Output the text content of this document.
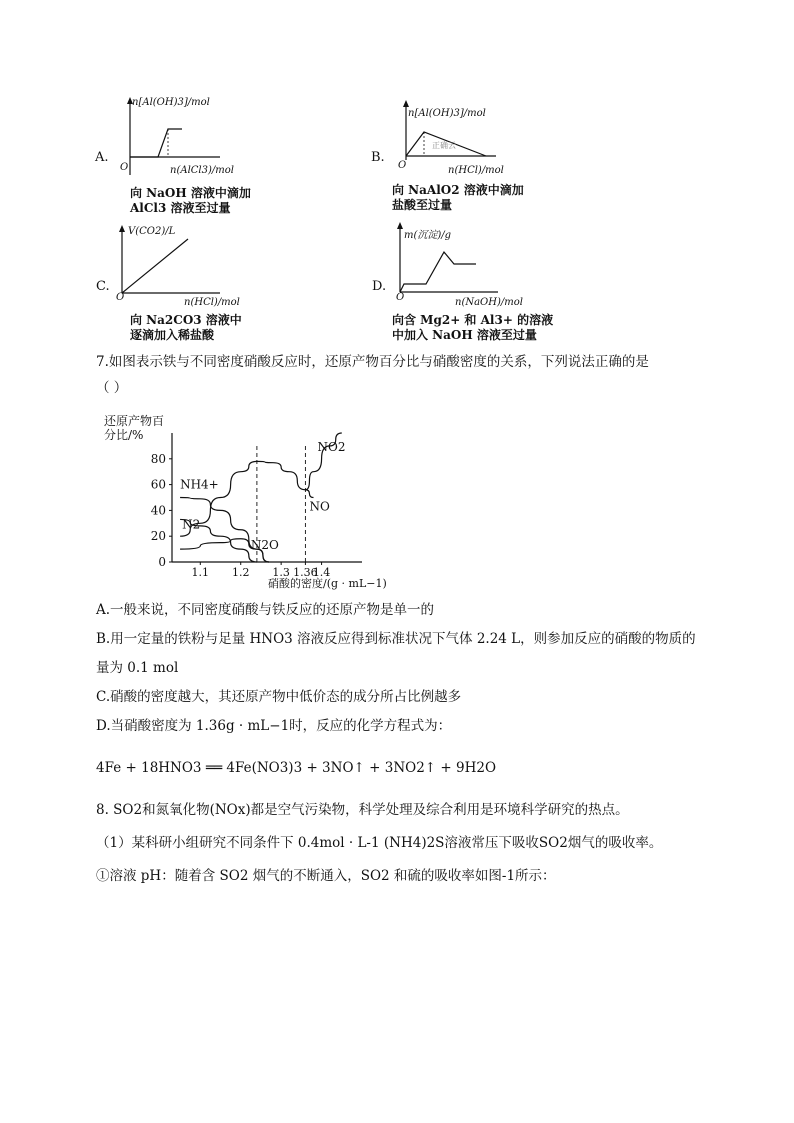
A.
n[Al(OH)3]/mol
n(AlCl3)/mol
O
向 NaOH 溶液中滴加
AlCl3 溶液至过量
B.
n[Al(OH)3]/mol
正确云
n(HCl)/mol
O
向 NaAlO2 溶液中滴加
盐酸至过量
C.
V(CO2)/L
n(HCl)/mol
O
向 Na2CO3 溶液中
逐滴加入稀盐酸
D.
m(沉淀)/g
n(NaOH)/mol
O
向含 Mg2+ 和 Al3+ 的溶液
中加入 NaOH 溶液至过量
7.如图表示铁与不同密度硝酸反应时，还原产物百分比与硝酸密度的关系，下列说法正确的是
（ ）
NO2
NO
NH4+
N2
N2O
0
20
40
60
80
1.1 1.2 1.3 1.36
1.4
还原产物百分比/%
硝酸的密度/(g · mL−1)
A.一般来说，不同密度硝酸与铁反应的还原产物是单一的
B.用一定量的铁粉与足量 HNO3 溶液反应得到标准状况下气体 2.24 L，则参加反应的硝酸的物质的
量为 0.1 mol
C.硝酸的密度越大，其还原产物中低价态的成分所占比例越多
D.当硝酸密度为 1.36g · mL−1时，反应的化学方程式为：
4Fe + 18HNO3 ══ 4Fe(NO3)3 + 3NO↑ + 3NO2↑ + 9H2O
8. SO2和氮氧化物(NOx)都是空气污染物，科学处理及综合利用是环境科学研究的热点。
（1）某科研小组研究不同条件下 0.4mol · L-1 (NH4)2S溶液常压下吸收SO2烟气的吸收率。
①溶液 pH：随着含 SO2 烟气的不断通入，SO2 和硫的吸收率如图-1所示：
